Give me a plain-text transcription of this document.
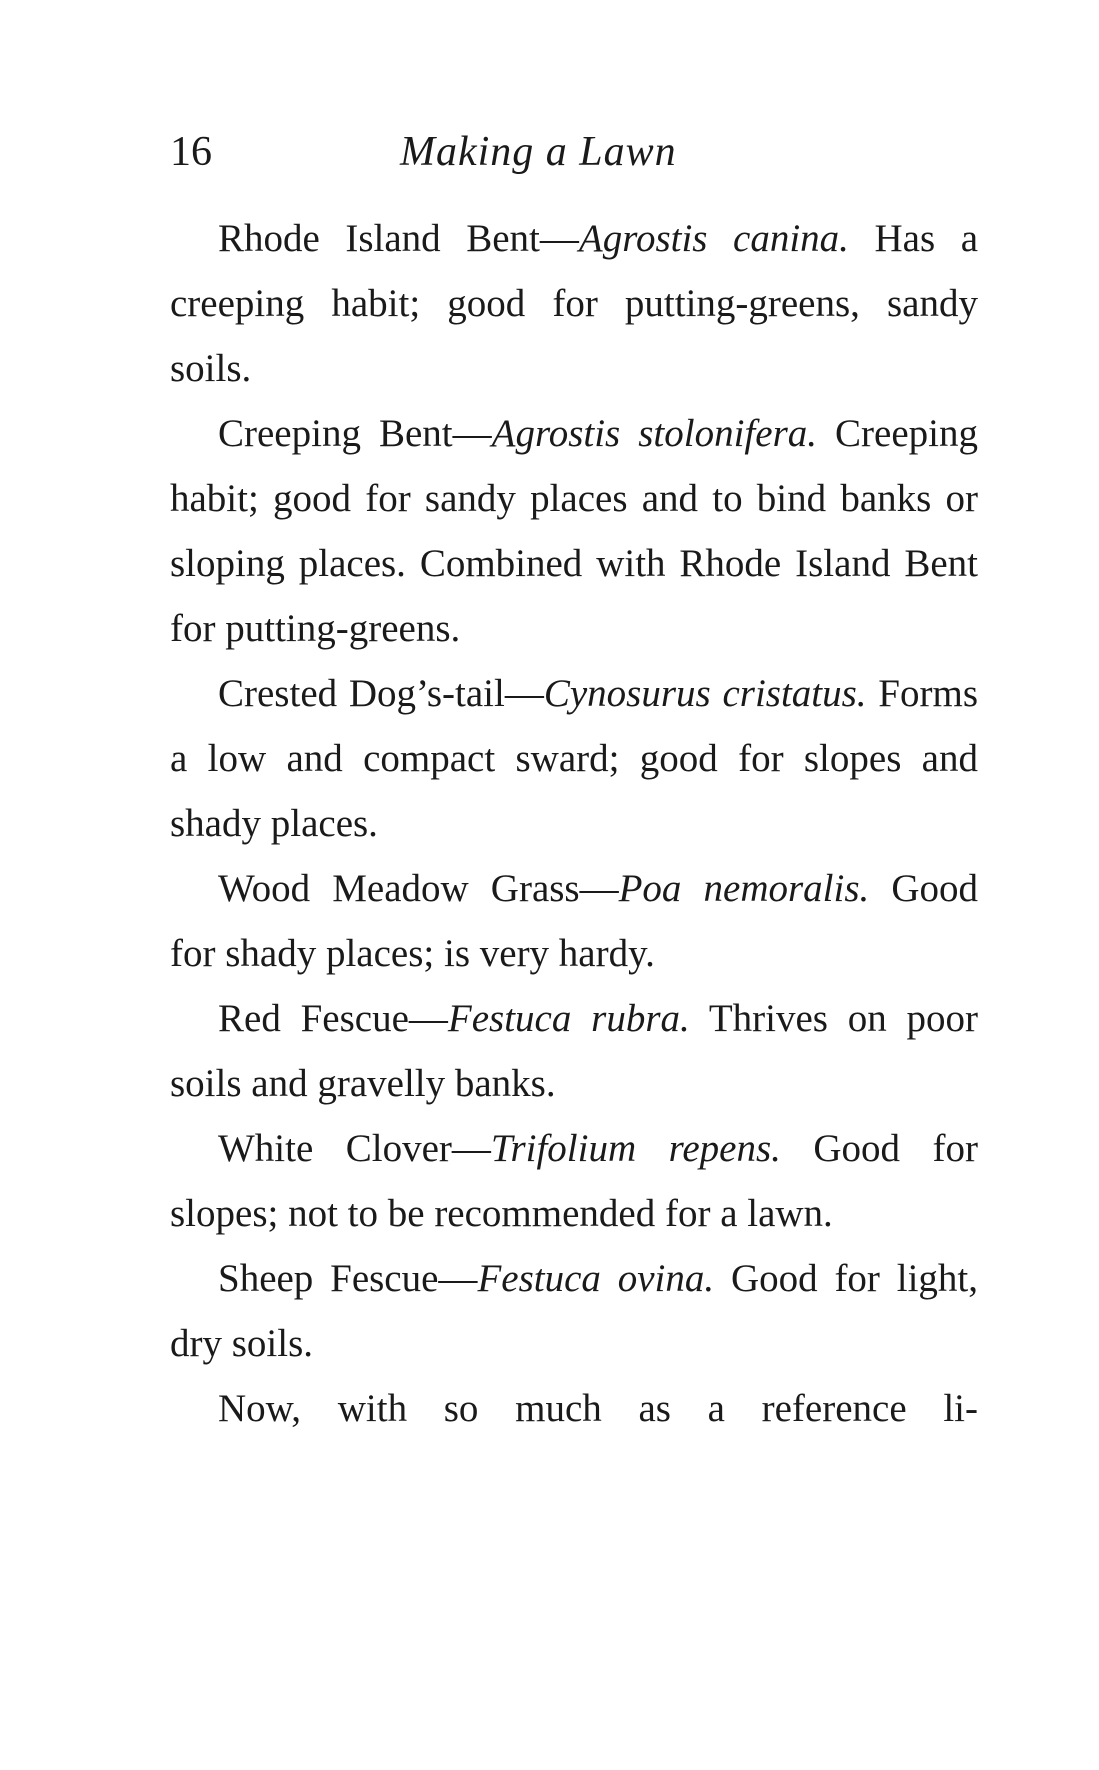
16	Making a Lawn

Rhode Island Bent—Agrostis canina. Has a creeping habit; good for putting-greens, sandy soils.

Creeping Bent—Agrostis stolonifera. Creeping habit; good for sandy places and to bind banks or sloping places. Combined with Rhode Island Bent for putting-greens.

Crested Dog’s-tail—Cynosurus cristatus. Forms a low and compact sward; good for slopes and shady places.

Wood Meadow Grass—Poa nemoralis. Good for shady places; is very hardy.

Red Fescue—Festuca rubra. Thrives on poor soils and gravelly banks.

White Clover—Trifolium repens. Good for slopes; not to be recommended for a lawn.

Sheep Fescue—Festuca ovina. Good for light, dry soils.

Now, with so much as a reference li-
